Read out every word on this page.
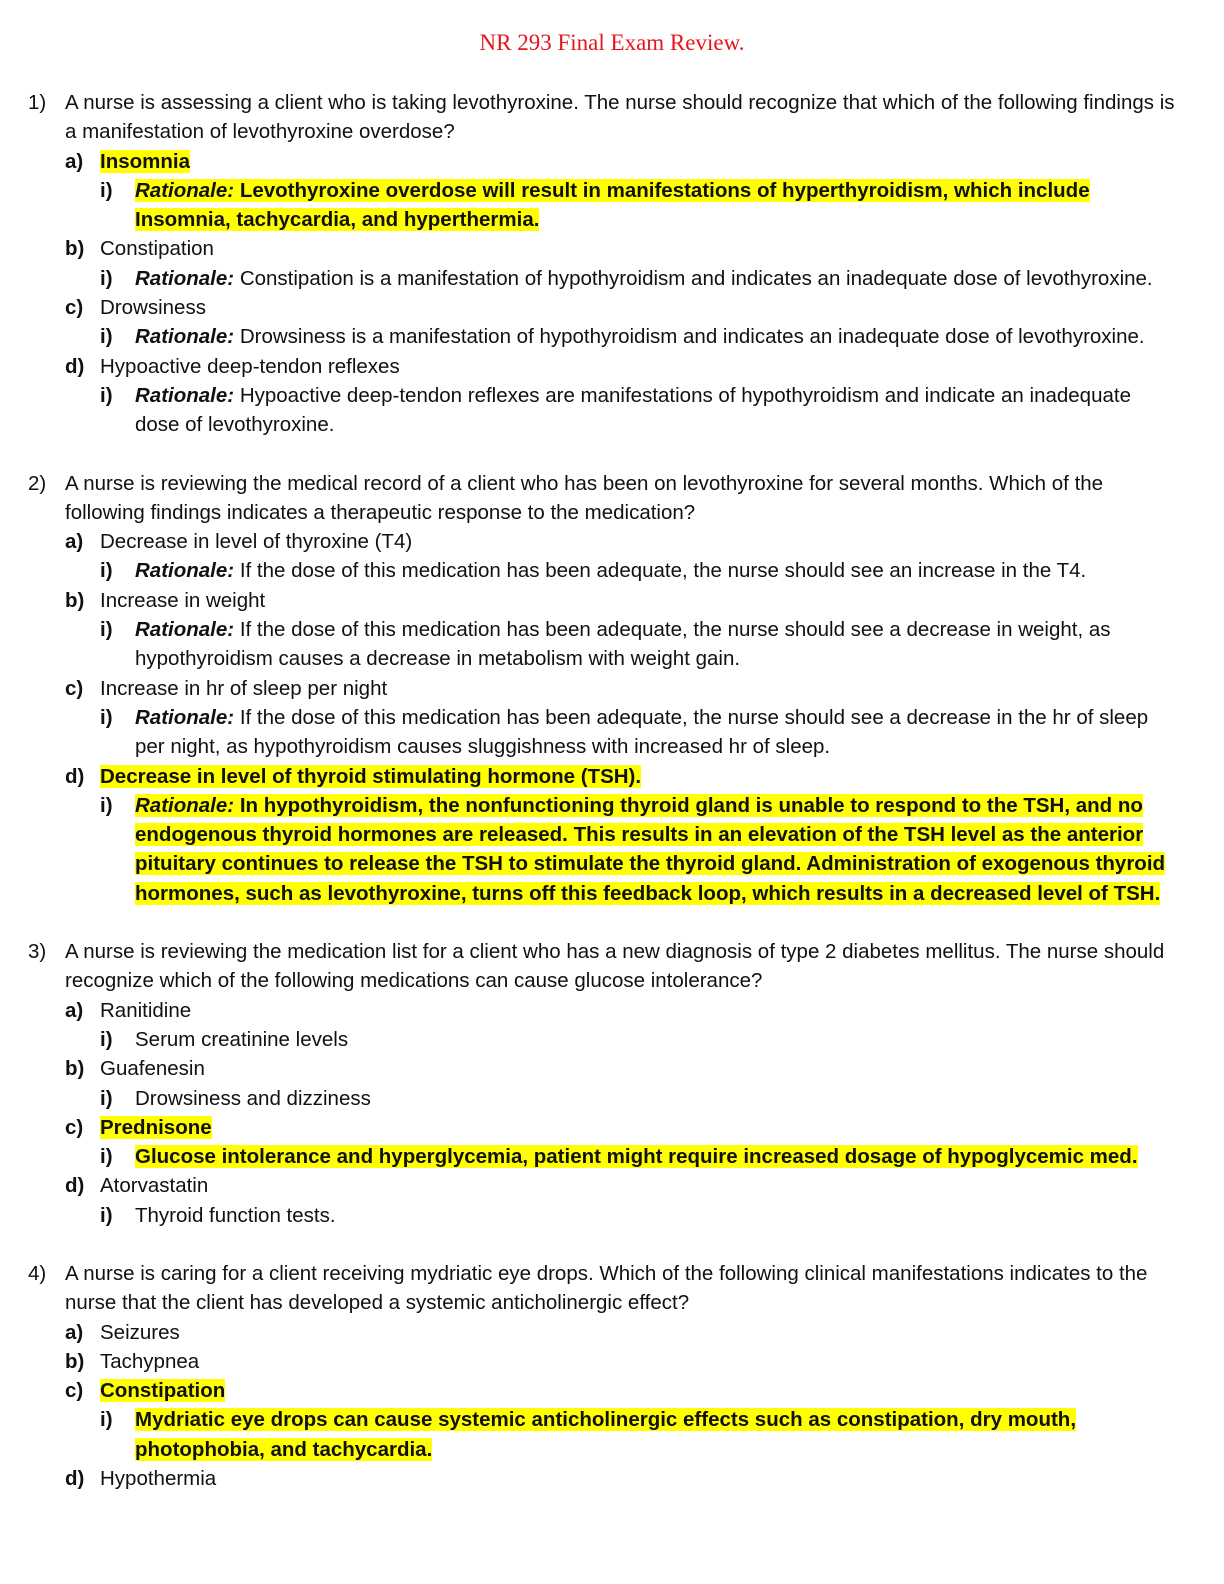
NR 293 Final Exam Review.
1) A nurse is assessing a client who is taking levothyroxine. The nurse should recognize that which of the following findings is a manifestation of levothyroxine overdose?
a) Insomnia
i) Rationale: Levothyroxine overdose will result in manifestations of hyperthyroidism, which include Insomnia, tachycardia, and hyperthermia.
b) Constipation
i) Rationale: Constipation is a manifestation of hypothyroidism and indicates an inadequate dose of levothyroxine.
c) Drowsiness
i) Rationale: Drowsiness is a manifestation of hypothyroidism and indicates an inadequate dose of levothyroxine.
d) Hypoactive deep-tendon reflexes
i) Rationale: Hypoactive deep-tendon reflexes are manifestations of hypothyroidism and indicate an inadequate dose of levothyroxine.
2) A nurse is reviewing the medical record of a client who has been on levothyroxine for several months. Which of the following findings indicates a therapeutic response to the medication?
a) Decrease in level of thyroxine (T4)
i) Rationale: If the dose of this medication has been adequate, the nurse should see an increase in the T4.
b) Increase in weight
i) Rationale: If the dose of this medication has been adequate, the nurse should see a decrease in weight, as hypothyroidism causes a decrease in metabolism with weight gain.
c) Increase in hr of sleep per night
i) Rationale: If the dose of this medication has been adequate, the nurse should see a decrease in the hr of sleep per night, as hypothyroidism causes sluggishness with increased hr of sleep.
d) Decrease in level of thyroid stimulating hormone (TSH).
i) Rationale: In hypothyroidism, the nonfunctioning thyroid gland is unable to respond to the TSH, and no endogenous thyroid hormones are released. This results in an elevation of the TSH level as the anterior pituitary continues to release the TSH to stimulate the thyroid gland. Administration of exogenous thyroid hormones, such as levothyroxine, turns off this feedback loop, which results in a decreased level of TSH.
3) A nurse is reviewing the medication list for a client who has a new diagnosis of type 2 diabetes mellitus. The nurse should recognize which of the following medications can cause glucose intolerance?
a) Ranitidine
i) Serum creatinine levels
b) Guafenesin
i) Drowsiness and dizziness
c) Prednisone
i) Glucose intolerance and hyperglycemia, patient might require increased dosage of hypoglycemic med.
d) Atorvastatin
i) Thyroid function tests.
4) A nurse is caring for a client receiving mydriatic eye drops. Which of the following clinical manifestations indicates to the nurse that the client has developed a systemic anticholinergic effect?
a) Seizures
b) Tachypnea
c) Constipation
i) Mydriatic eye drops can cause systemic anticholinergic effects such as constipation, dry mouth, photophobia, and tachycardia.
d) Hypothermia
